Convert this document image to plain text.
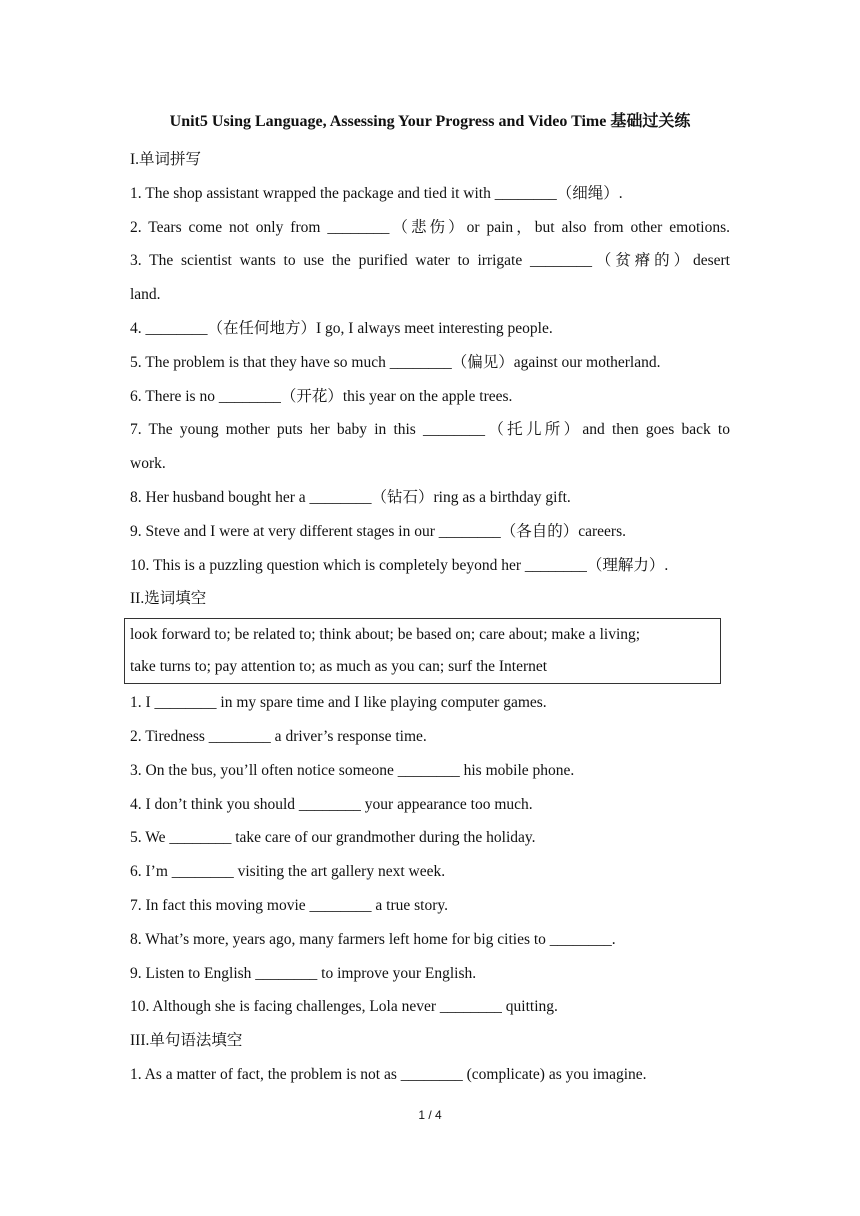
Unit5 Using Language, Assessing Your Progress and Video Time 基础过关练
I.单词拼写
1. The shop assistant wrapped the package and tied it with ________（细绳）.
2. Tears come not only from ________（悲伤）or pain，but also from other emotions.
3. The scientist wants to use the purified water to irrigate ________（贫瘠的）desert
land.
4. ________（在任何地方）I go, I always meet interesting people.
5. The problem is that they have so much ________（偏见）against our motherland.
6. There is no ________（开花）this year on the apple trees.
7. The young mother puts her baby in this ________（托儿所）and then goes back to
work.
8. Her husband bought her a ________（钻石）ring as a birthday gift.
9. Steve and I were at very different stages in our ________（各自的）careers.
10. This is a puzzling question which is completely beyond her ________（理解力）.
II.选词填空
look forward to; be related to; think about; be based on; care about; make a living;
take turns to; pay attention to; as much as you can; surf the Internet
1. I ________ in my spare time and I like playing computer games.
2. Tiredness ________ a driver’s response time.
3. On the bus, you’ll often notice someone ________ his mobile phone.
4. I don’t think you should ________ your appearance too much.
5. We ________ take care of our grandmother during the holiday.
6. I’m ________ visiting the art gallery next week.
7. In fact this moving movie ________ a true story.
8. What’s more, years ago, many farmers left home for big cities to ________.
9. Listen to English ________ to improve your English.
10. Although she is facing challenges, Lola never ________ quitting.
III.单句语法填空
1. As a matter of fact, the problem is not as ________ (complicate) as you imagine.
1 / 4
